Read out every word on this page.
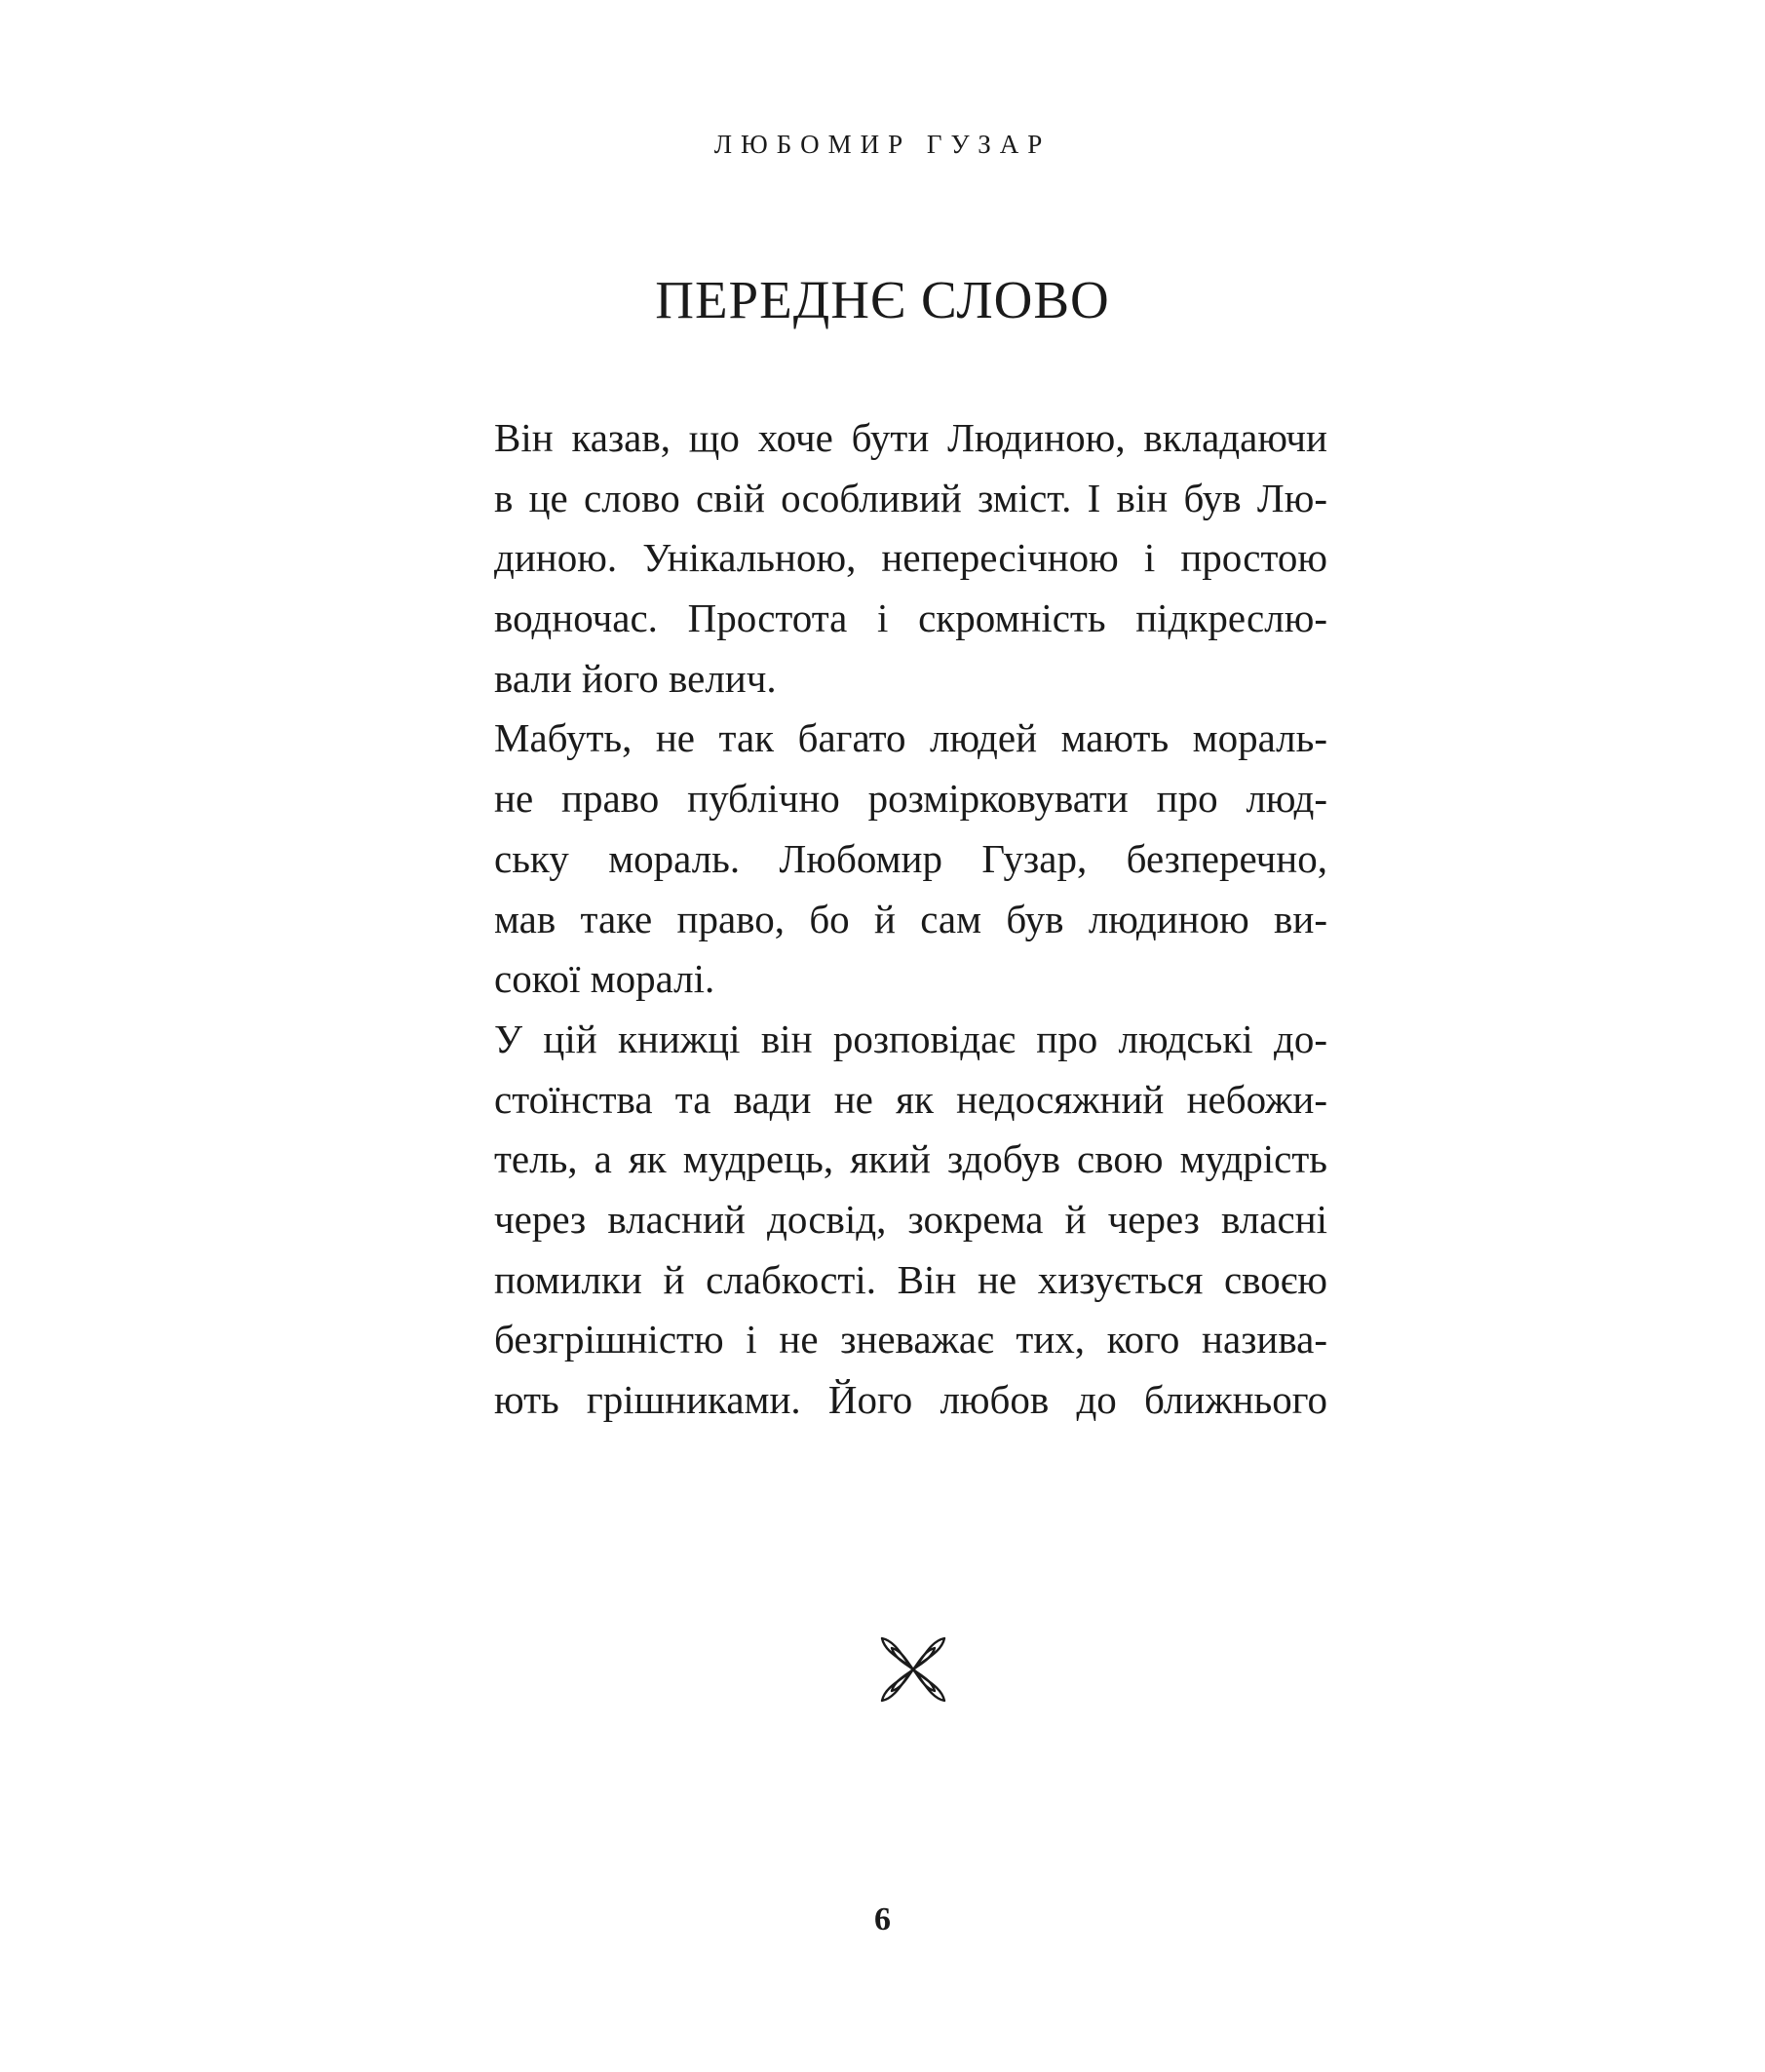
ЛЮБОМИР ГУЗАР
ПЕРЕДНЄ СЛОВО
Він казав, що хоче бути Людиною, вкладаючи
в це слово свій особливий зміст. І він був Лю-
диною. Унікальною, непересічною і простою
водночас. Простота і скромність підкреслю-
вали його велич.
Мабуть, не так багато людей мають мораль-
не право публічно розмірковувати про люд-
ську мораль. Любомир Гузар, безперечно,
мав таке право, бо й сам був людиною ви-
сокої моралі.
У цій книжці він розповідає про людські до-
стоїнства та вади не як недосяжний небожи-
тель, а як мудрець, який здобув свою мудрість
через власний досвід, зокрема й через власні
помилки й слабкості. Він не хизується своєю
безгрішністю і не зневажає тих, кого назива-
ють грішниками. Його любов до ближнього
6
